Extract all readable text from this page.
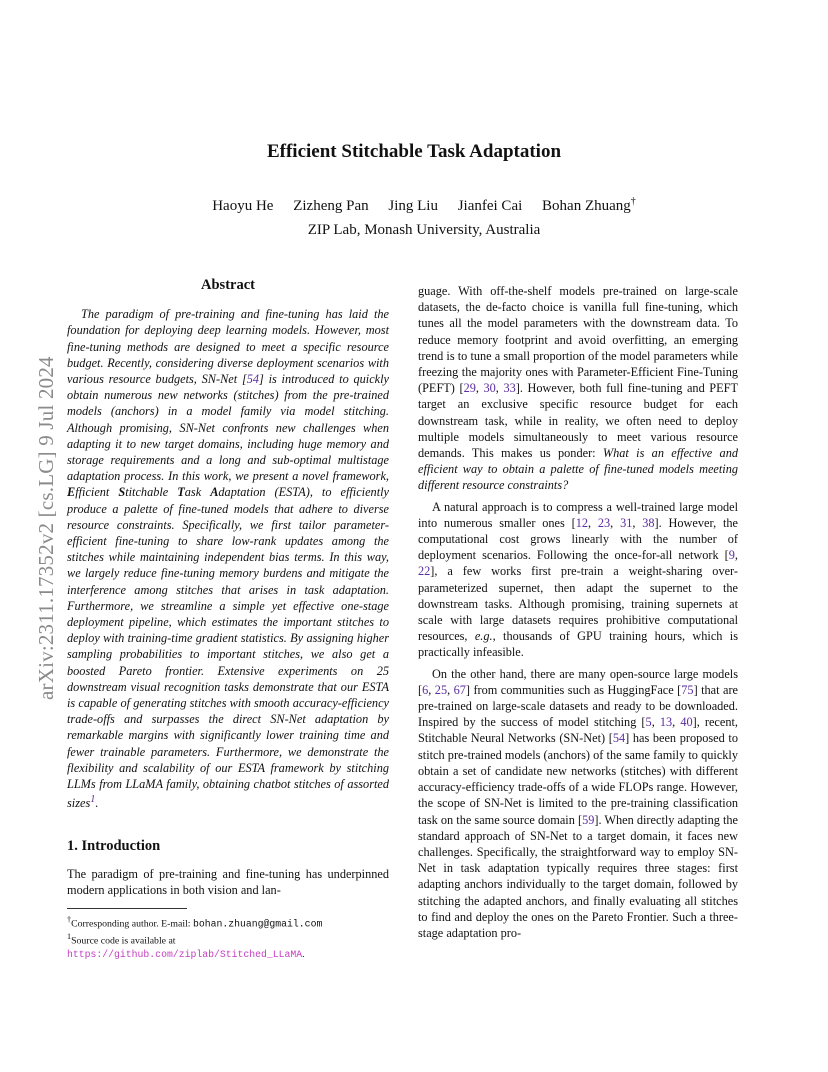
arXiv:2311.17352v2 [cs.LG] 9 Jul 2024
Efficient Stitchable Task Adaptation
Haoyu He Zizheng Pan Jing Liu Jianfei Cai Bohan Zhuang†
ZIP Lab, Monash University, Australia
Abstract

The paradigm of pre-training and fine-tuning has laid the foundation for deploying deep learning models. However, most fine-tuning methods are designed to meet a specific resource budget. Recently, considering diverse deployment scenarios with various resource budgets, SN-Net [54] is introduced to quickly obtain numerous new networks (stitches) from the pre-trained models (anchors) in a model family via model stitching. Although promising, SN-Net confronts new challenges when adapting it to new target domains, including huge memory and storage requirements and a long and sub-optimal multistage adaptation process. In this work, we present a novel framework, Efficient Stitchable Task Adaptation (ESTA), to efficiently produce a palette of fine-tuned models that adhere to diverse resource constraints. Specifically, we first tailor parameter-efficient fine-tuning to share low-rank updates among the stitches while maintaining independent bias terms. In this way, we largely reduce fine-tuning memory burdens and mitigate the interference among stitches that arises in task adaptation. Furthermore, we streamline a simple yet effective one-stage deployment pipeline, which estimates the important stitches to deploy with training-time gradient statistics. By assigning higher sampling probabilities to important stitches, we also get a boosted Pareto frontier. Extensive experiments on 25 downstream visual recognition tasks demonstrate that our ESTA is capable of generating stitches with smooth accuracy-efficiency trade-offs and surpasses the direct SN-Net adaptation by remarkable margins with significantly lower training time and fewer trainable parameters. Furthermore, we demonstrate the flexibility and scalability of our ESTA framework by stitching LLMs from LLaMA family, obtaining chatbot stitches of assorted sizes$^1$.

1. Introduction

The paradigm of pre-training and fine-tuning has underpinned modern applications in both vision and lan-

†Corresponding author. E-mail: bohan.zhuang@gmail.com
$^1$Source code is available at https://github.com/ziplab/Stitched_LLaMA.

guage. With off-the-shelf models pre-trained on large-scale datasets, the de-facto choice is vanilla full fine-tuning, which tunes all the model parameters with the downstream data. To reduce memory footprint and avoid overfitting, an emerging trend is to tune a small proportion of the model parameters while freezing the majority ones with Parameter-Efficient Fine-Tuning (PEFT) [29, 30, 33]. However, both full fine-tuning and PEFT target an exclusive specific resource budget for each downstream task, while in reality, we often need to deploy multiple models simultaneously to meet various resource demands. This makes us ponder: What is an effective and efficient way to obtain a palette of fine-tuned models meeting different resource constraints?

A natural approach is to compress a well-trained large model into numerous smaller ones [12, 23, 31, 38]. However, the computational cost grows linearly with the number of deployment scenarios. Following the once-for-all network [9, 22], a few works first pre-train a weight-sharing over-parameterized supernet, then adapt the supernet to the downstream tasks. Although promising, training supernets at scale with large datasets requires prohibitive computational resources, e.g., thousands of GPU training hours, which is practically infeasible.

On the other hand, there are many open-source large models [6, 25, 67] from communities such as HuggingFace [75] that are pre-trained on large-scale datasets and ready to be downloaded. Inspired by the success of model stitching [5, 13, 40], recent, Stitchable Neural Networks (SN-Net) [54] has been proposed to stitch pre-trained models (anchors) of the same family to quickly obtain a set of candidate new networks (stitches) with different accuracy-efficiency trade-offs of a wide FLOPs range. However, the scope of SN-Net is limited to the pre-training classification task on the same source domain [59]. When directly adapting the standard approach of SN-Net to a target domain, it faces new challenges. Specifically, the straightforward way to employ SN-Net in task adaptation typically requires three stages: first adapting anchors individually to the target domain, followed by stitching the adapted anchors, and finally evaluating all stitches to find and deploy the ones on the Pareto Frontier. Such a three-stage adaptation pro-
